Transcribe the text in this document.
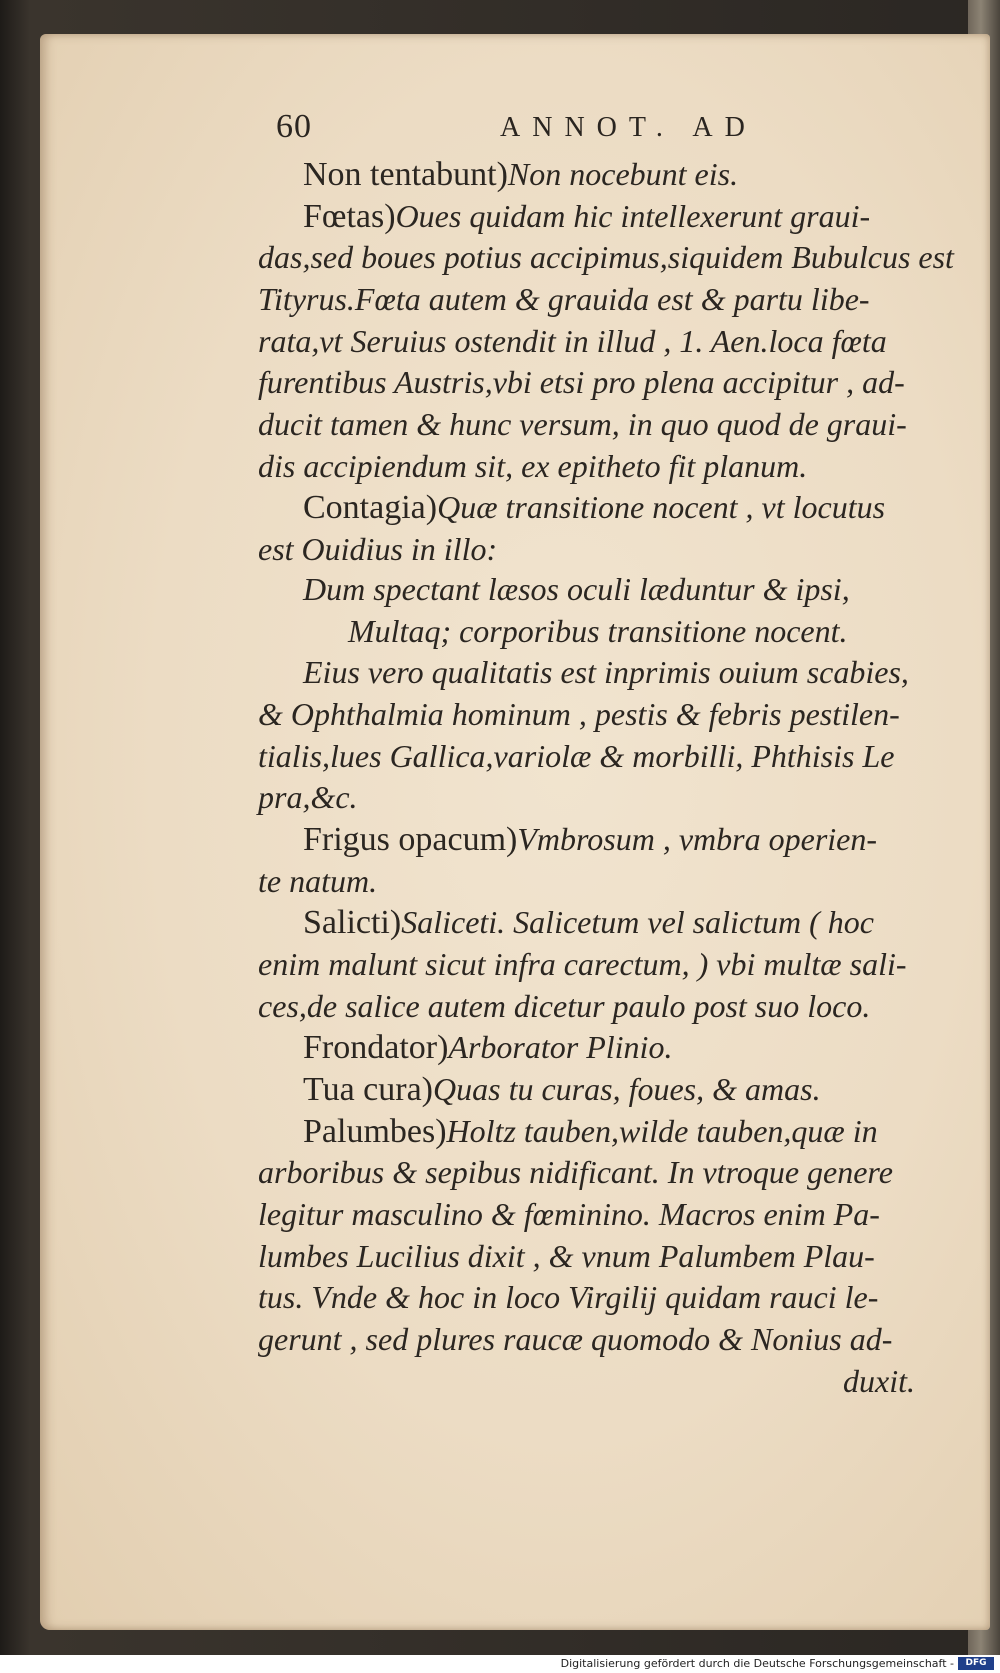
60	ANNOT. AD
Non tentabunt)Non nocebunt eis.
Fœtas)Oues quidam hic intellexerunt graui-
das,sed boues potius accipimus,siquidem Bubulcus est
Tityrus.Fœta autem & grauida est & partu libe-
rata,vt Seruius ostendit in illud , 1. Aen.loca fœta
furentibus Austris,vbi etsi pro plena accipitur , ad-
ducit tamen & hunc versum, in quo quod de graui-
dis accipiendum sit, ex epitheto fit planum.
Contagia)Quæ transitione nocent , vt locutus
est Ouidius in illo:
Dum spectant læsos oculi læduntur & ipsi,
Multaq; corporibus transitione nocent.
Eius vero qualitatis est inprimis ouium scabies,
& Ophthalmia hominum , pestis & febris pestilen-
tialis,lues Gallica,variolæ & morbilli, Phthisis Le
pra,&c.
Frigus opacum)Vmbrosum , vmbra operien-
te natum.
Salicti)Saliceti. Salicetum vel salictum ( hoc
enim malunt sicut infra carectum, ) vbi multæ sali-
ces,de salice autem dicetur paulo post suo loco.
Frondator)Arborator Plinio.
Tua cura)Quas tu curas, foues, & amas.
Palumbes)Holtz tauben,wilde tauben,quæ in
arboribus & sepibus nidificant. In vtroque genere
legitur masculino & fœminino. Macros enim Pa-
lumbes Lucilius dixit , & vnum Palumbem Plau-
tus. Vnde & hoc in loco Virgilij quidam rauci le-
gerunt , sed plures raucæ quomodo & Nonius ad-
duxit.
Digitalisierung gefördert durch die Deutsche Forschungsgemeinschaft -	DFG
